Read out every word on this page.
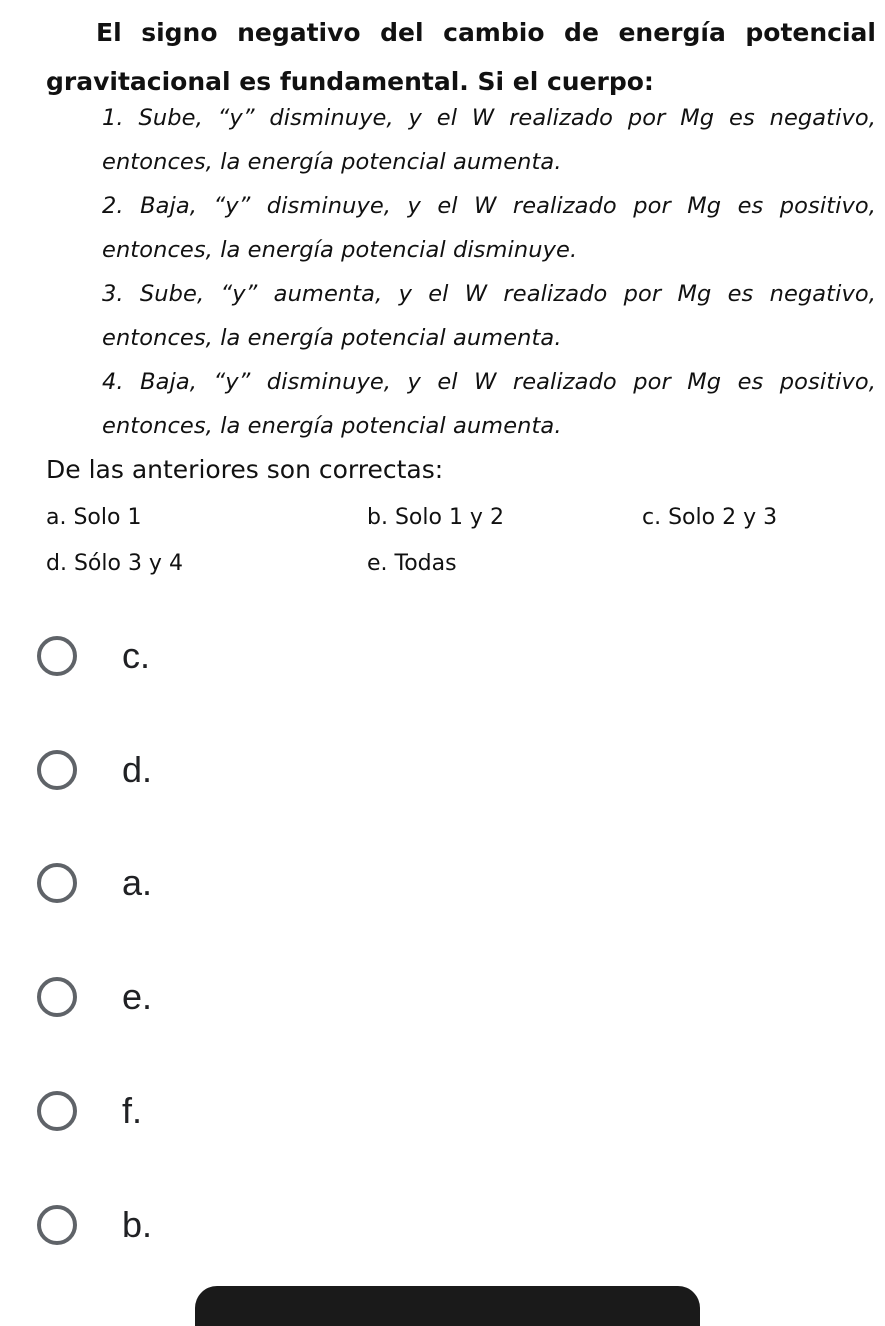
El signo negativo del cambio de energía potencial gravitacional es fundamental. Si el cuerpo:

1. Sube, “y” disminuye, y el W realizado por Mg es negativo, entonces, la energía potencial aumenta.
2. Baja, “y” disminuye, y el W realizado por Mg es positivo, entonces, la energía potencial disminuye.
3. Sube, “y” aumenta, y el W realizado por Mg es negativo, entonces, la energía potencial aumenta.
4. Baja, “y” disminuye, y el W realizado por Mg es positivo, entonces, la energía potencial aumenta.

De las anteriores son correctas:

a. Solo 1	b. Solo 1 y 2	c. Solo 2 y 3
d. Sólo 3 y 4	e. Todas
c.
d.
a.
e.
f.
b.
